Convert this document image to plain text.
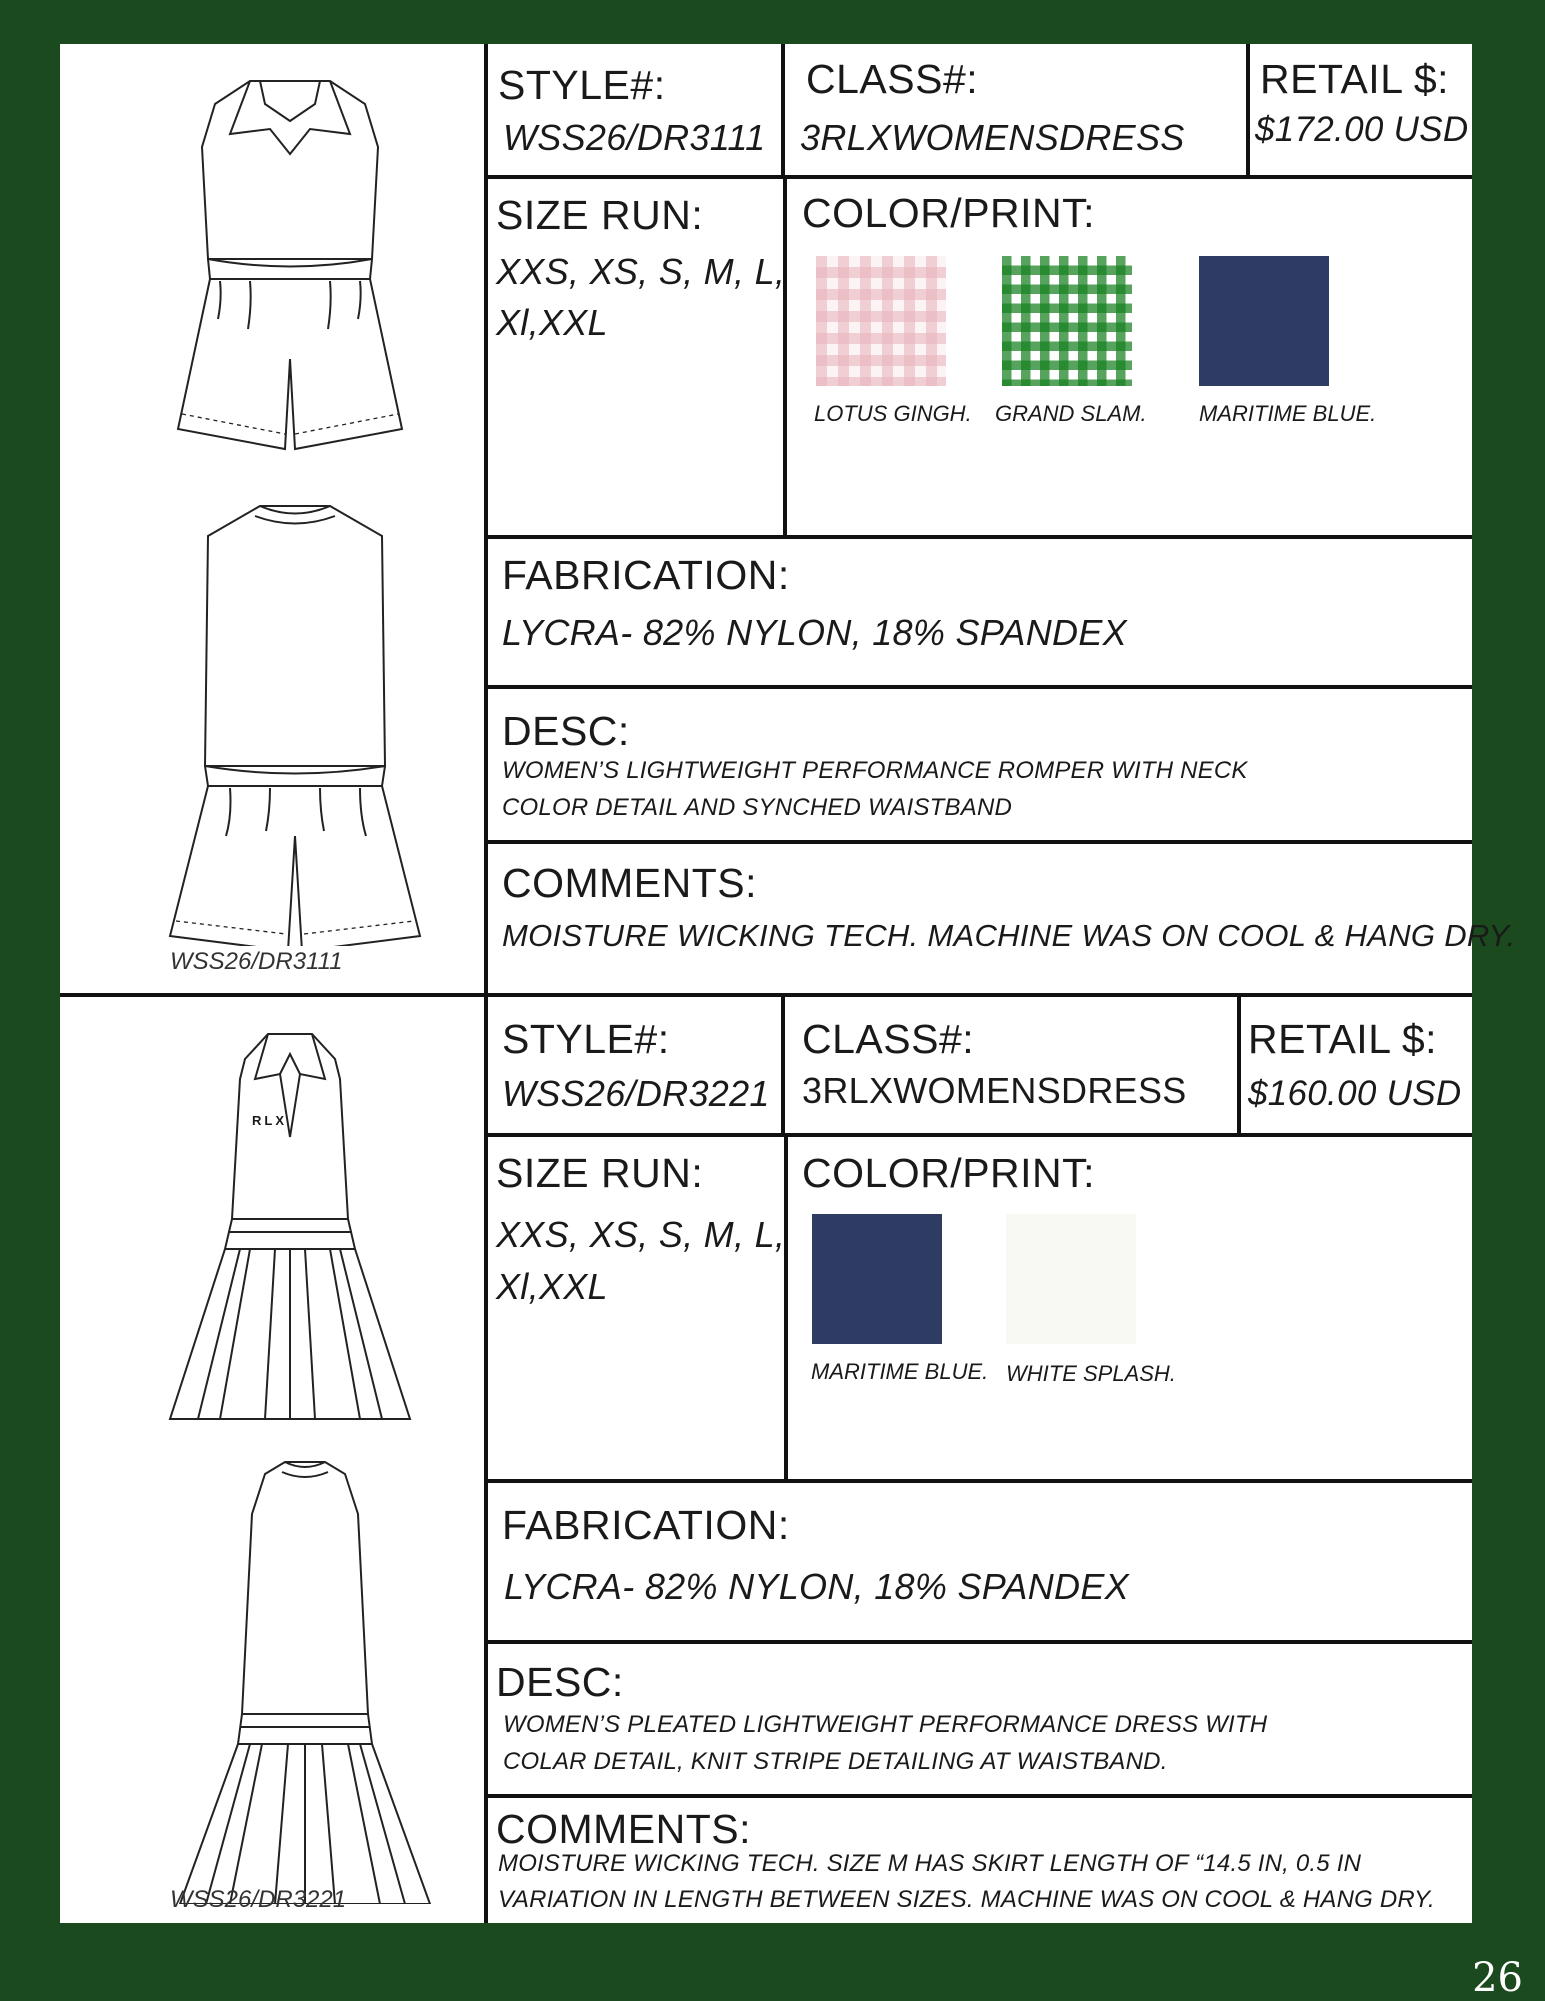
WSS26/DR3111
STYLE#:
WSS26/DR3111
CLASS#:
3RLXWOMENSDRESS
RETAIL $:
$172.00 USD
SIZE RUN:
XXS, XS, S, M, L,
Xl,XXL
COLOR/PRINT:
LOTUS GINGH. GRAND SLAM. MARITIME BLUE.
FABRICATION:
LYCRA- 82% NYLON, 18% SPANDEX
DESC:
WOMEN’S LIGHTWEIGHT PERFORMANCE ROMPER WITH NECK
COLOR DETAIL AND SYNCHED WAISTBAND
COMMENTS:
MOISTURE WICKING TECH. MACHINE WAS ON COOL & HANG DRY.
RLX
WSS26/DR3221
STYLE#:
WSS26/DR3221
CLASS#:
3RLXWOMENSDRESS
RETAIL $:
$160.00 USD
SIZE RUN:
XXS, XS, S, M, L,
Xl,XXL
COLOR/PRINT:
MARITIME BLUE. WHITE SPLASH.
FABRICATION:
LYCRA- 82% NYLON, 18% SPANDEX
DESC:
WOMEN’S PLEATED LIGHTWEIGHT PERFORMANCE DRESS WITH
COLAR DETAIL, KNIT STRIPE DETAILING AT WAISTBAND.
COMMENTS:
MOISTURE WICKING TECH. SIZE M HAS SKIRT LENGTH OF “14.5 IN, 0.5 IN
VARIATION IN LENGTH BETWEEN SIZES. MACHINE WAS ON COOL & HANG DRY.
26
